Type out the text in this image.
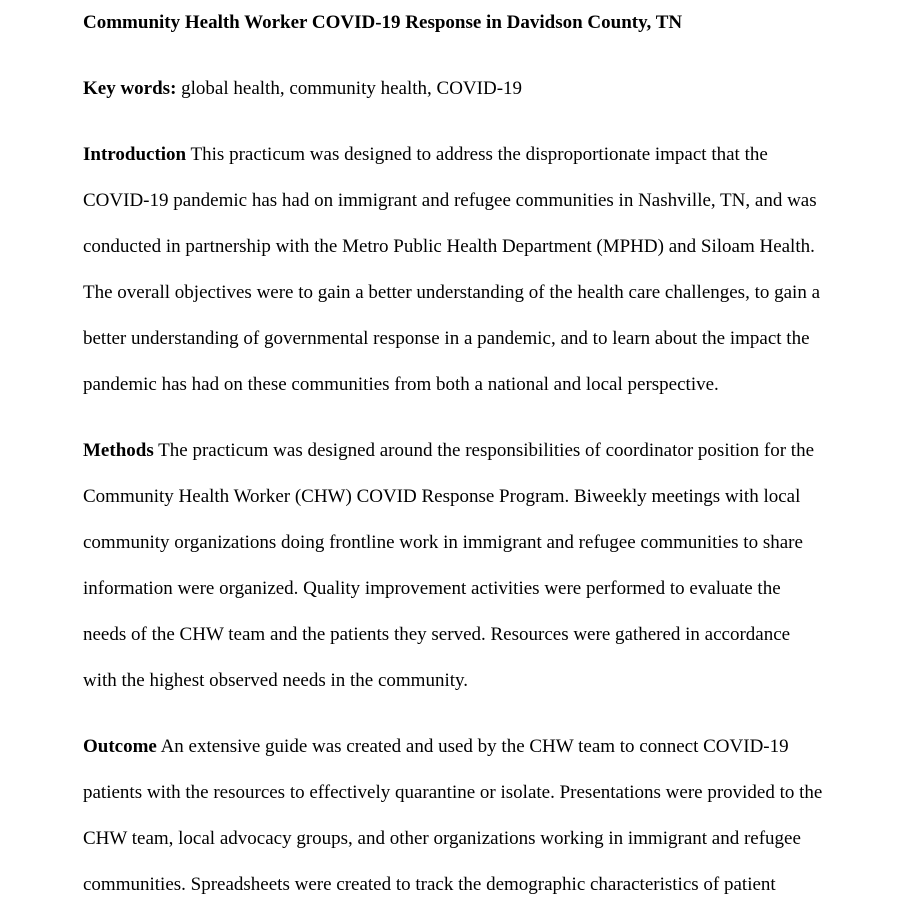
Community Health Worker COVID-19 Response in Davidson County, TN
Key words: global health, community health, COVID-19
Introduction This practicum was designed to address the disproportionate impact that the
COVID-19 pandemic has had on immigrant and refugee communities in Nashville, TN, and was
conducted in partnership with the Metro Public Health Department (MPHD) and Siloam Health.
The overall objectives were to gain a better understanding of the health care challenges, to gain a
better understanding of governmental response in a pandemic, and to learn about the impact the
pandemic has had on these communities from both a national and local perspective.
Methods The practicum was designed around the responsibilities of coordinator position for the
Community Health Worker (CHW) COVID Response Program. Biweekly meetings with local
community organizations doing frontline work in immigrant and refugee communities to share
information were organized. Quality improvement activities were performed to evaluate the
needs of the CHW team and the patients they served. Resources were gathered in accordance
with the highest observed needs in the community.
Outcome An extensive guide was created and used by the CHW team to connect COVID-19
patients with the resources to effectively quarantine or isolate. Presentations were provided to the
CHW team, local advocacy groups, and other organizations working in immigrant and refugee
communities. Spreadsheets were created to track the demographic characteristics of patient
